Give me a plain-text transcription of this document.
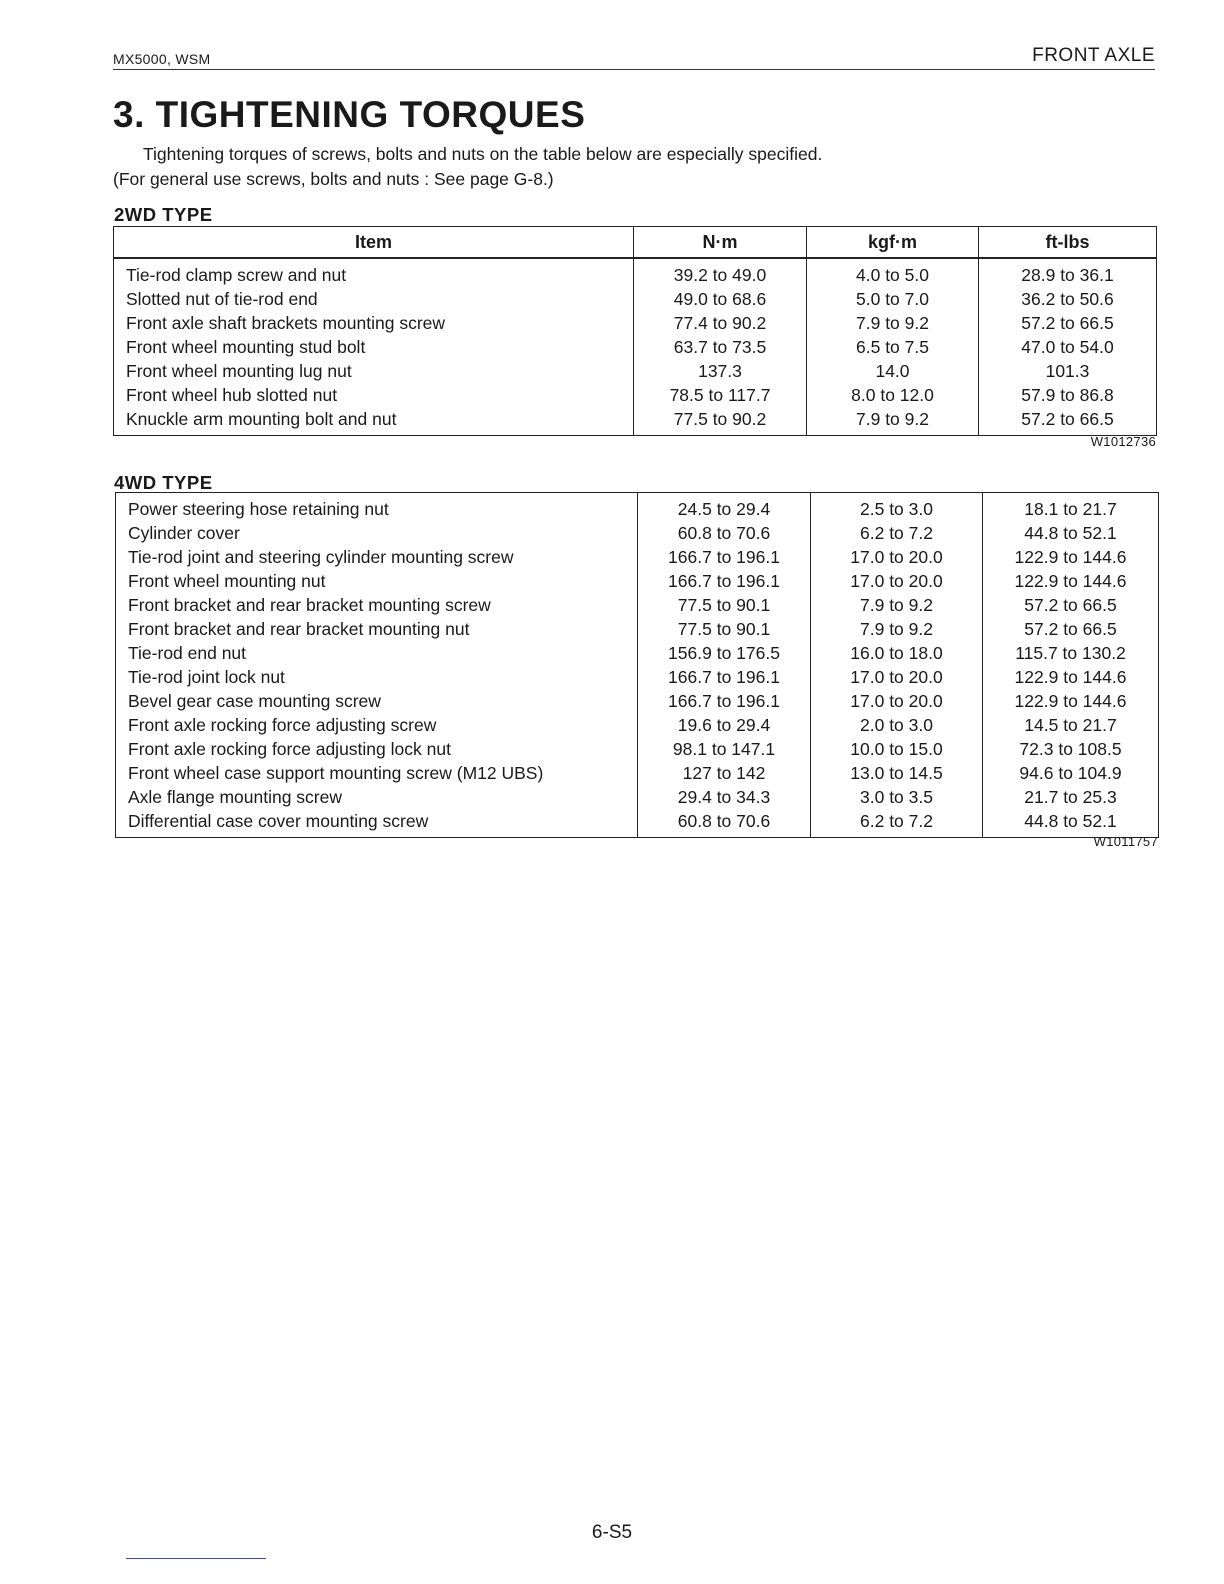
MX5000, WSM	FRONT AXLE
3. TIGHTENING TORQUES
Tightening torques of screws, bolts and nuts on the table below are especially specified.
(For general use screws, bolts and nuts : See page G-8.)
2WD TYPE
Item	N·m	kgf·m	ft-lbs
Tie-rod clamp screw and nut	39.2 to 49.0	4.0 to 5.0	28.9 to 36.1
Slotted nut of tie-rod end	49.0 to 68.6	5.0 to 7.0	36.2 to 50.6
Front axle shaft brackets mounting screw	77.4 to 90.2	7.9 to 9.2	57.2 to 66.5
Front wheel mounting stud bolt	63.7 to 73.5	6.5 to 7.5	47.0 to 54.0
Front wheel mounting lug nut	137.3	14.0	101.3
Front wheel hub slotted nut	78.5 to 117.7	8.0 to 12.0	57.9 to 86.8
Knuckle arm mounting bolt and nut	77.5 to 90.2	7.9 to 9.2	57.2 to 66.5
W1012736
4WD TYPE
Power steering hose retaining nut	24.5 to 29.4	2.5 to 3.0	18.1 to 21.7
Cylinder cover	60.8 to 70.6	6.2 to 7.2	44.8 to 52.1
Tie-rod joint and steering cylinder mounting screw	166.7 to 196.1	17.0 to 20.0	122.9 to 144.6
Front wheel mounting nut	166.7 to 196.1	17.0 to 20.0	122.9 to 144.6
Front bracket and rear bracket mounting screw	77.5 to 90.1	7.9 to 9.2	57.2 to 66.5
Front bracket and rear bracket mounting nut	77.5 to 90.1	7.9 to 9.2	57.2 to 66.5
Tie-rod end nut	156.9 to 176.5	16.0 to 18.0	115.7 to 130.2
Tie-rod joint lock nut	166.7 to 196.1	17.0 to 20.0	122.9 to 144.6
Bevel gear case mounting screw	166.7 to 196.1	17.0 to 20.0	122.9 to 144.6
Front axle rocking force adjusting screw	19.6 to 29.4	2.0 to 3.0	14.5 to 21.7
Front axle rocking force adjusting lock nut	98.1 to 147.1	10.0 to 15.0	72.3 to 108.5
Front wheel case support mounting screw (M12 UBS)	127 to 142	13.0 to 14.5	94.6 to 104.9
Axle flange mounting screw	29.4 to 34.3	3.0 to 3.5	21.7 to 25.3
Differential case cover mounting screw	60.8 to 70.6	6.2 to 7.2	44.8 to 52.1
W1011757
6-S5
